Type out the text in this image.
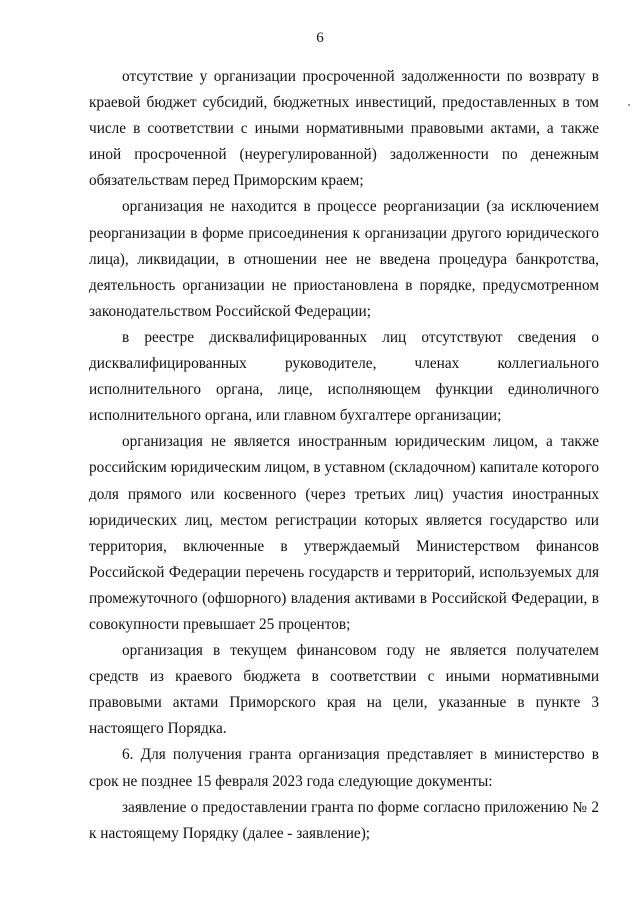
6

отсутствие у организации просроченной задолженности по возврату в краевой бюджет субсидий, бюджетных инвестиций, предоставленных в том числе в соответствии с иными нормативными правовыми актами, а также иной просроченной (неурегулированной) задолженности по денежным обязательствам перед Приморским краем;

организация не находится в процессе реорганизации (за исключением реорганизации в форме присоединения к организации другого юридического лица), ликвидации, в отношении нее не введена процедура банкротства, деятельность организации не приостановлена в порядке, предусмотренном законодательством Российской Федерации;

в реестре дисквалифицированных лиц отсутствуют сведения о дисквалифицированных руководителе, членах коллегиального исполнительного органа, лице, исполняющем функции единоличного исполнительного органа, или главном бухгалтере организации;

организация не является иностранным юридическим лицом, а также российским юридическим лицом, в уставном (складочном) капитале которого доля прямого или косвенного (через третьих лиц) участия иностранных юридических лиц, местом регистрации которых является государство или территория, включенные в утверждаемый Министерством финансов Российской Федерации перечень государств и территорий, используемых для промежуточного (офшорного) владения активами в Российской Федерации, в совокупности превышает 25 процентов;

организация в текущем финансовом году не является получателем средств из краевого бюджета в соответствии с иными нормативными правовыми актами Приморского края на цели, указанные в пункте 3 настоящего Порядка.

6. Для получения гранта организация представляет в министерство в срок не позднее 15 февраля 2023 года следующие документы:

заявление о предоставлении гранта по форме согласно приложению № 2 к настоящему Порядку (далее - заявление);
